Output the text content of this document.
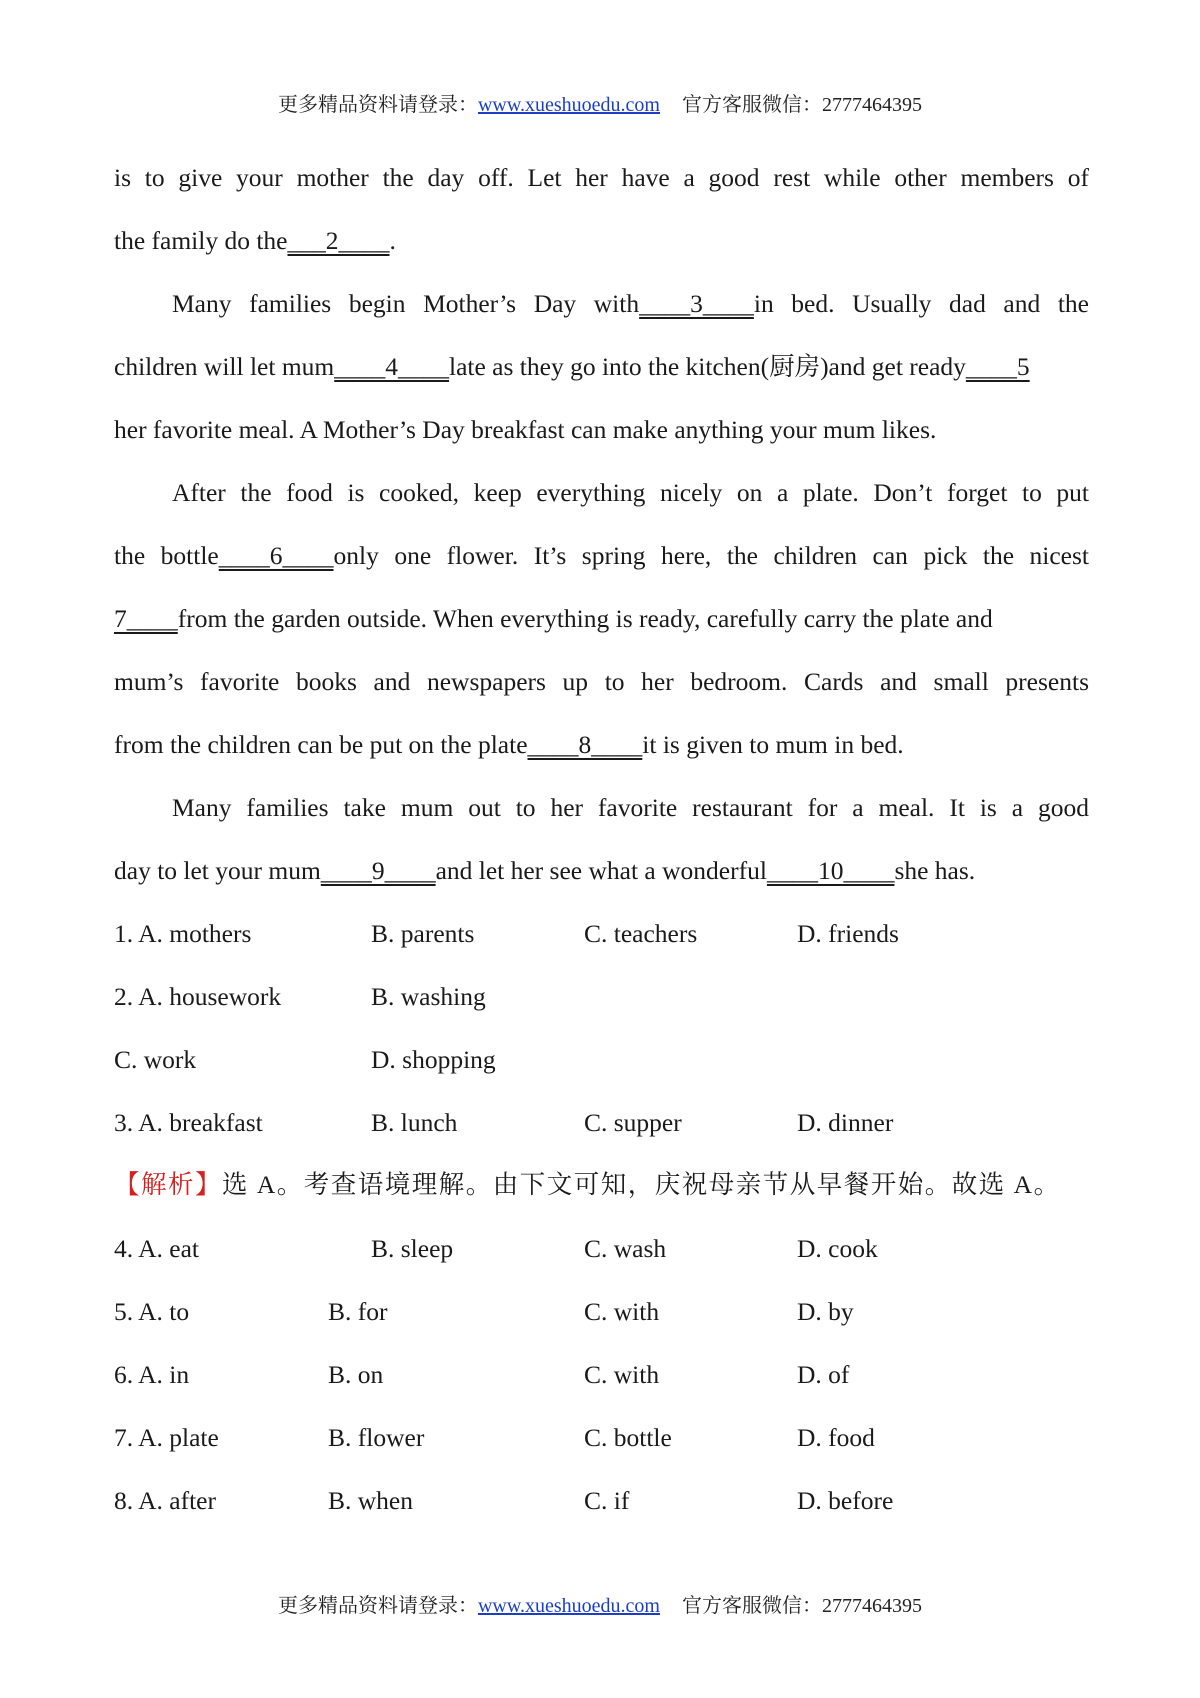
更多精品资料请登录：www.xueshuoedu.com 官方客服微信：2777464395
is to give your mother the day off. Let her have a good rest while other members of
the family do the___2____.
Many families begin Mother’s Day with____3____in bed. Usually dad and the
children will let mum____4____late as they go into the kitchen(厨房)and get ready____5
her favorite meal. A Mother’s Day breakfast can make anything your mum likes.
After the food is cooked, keep everything nicely on a plate. Don’t forget to put
the bottle____6____only one flower. It’s spring here, the children can pick the nicest
7____from the garden outside. When everything is ready, carefully carry the plate and
mum’s favorite books and newspapers up to her bedroom. Cards and small presents
from the children can be put on the plate____8____it is given to mum in bed.
Many families take mum out to her favorite restaurant for a meal. It is a good
day to let your mum____9____and let her see what a wonderful____10____she has.
1. A. mothers	B. parents	C. teachers	D. friends
2. A. housework	B. washing
C. work	D. shopping
3. A. breakfast	B. lunch	C. supper	D. dinner
【解析】选 A。考查语境理解。由下文可知，庆祝母亲节从早餐开始。故选 A。
4. A. eat	B. sleep	C. wash	D. cook
5. A. to	B. for	C. with	D. by
6. A. in	B. on	C. with	D. of
7. A. plate	B. flower	C. bottle	D. food
8. A. after	B. when	C. if	D. before
更多精品资料请登录：www.xueshuoedu.com 官方客服微信：2777464395
